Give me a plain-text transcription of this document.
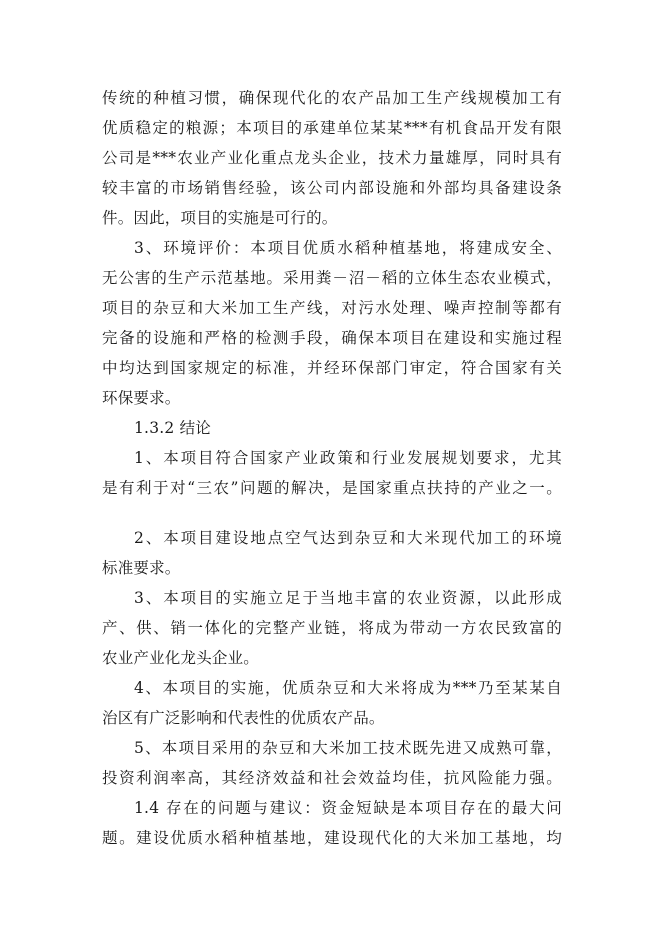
传统的种植习惯，确保现代化的农产品加工生产线规模加工有
优质稳定的粮源；本项目的承建单位某某***有机食品开发有限
公司是***农业产业化重点龙头企业，技术力量雄厚，同时具有
较丰富的市场销售经验，该公司内部设施和外部均具备建设条
件。因此，项目的实施是可行的。
3、环境评价：本项目优质水稻种植基地，将建成安全、
无公害的生产示范基地。采用粪－沼－稻的立体生态农业模式，
项目的杂豆和大米加工生产线，对污水处理、噪声控制等都有
完备的设施和严格的检测手段，确保本项目在建设和实施过程
中均达到国家规定的标准，并经环保部门审定，符合国家有关
环保要求。
1.3.2 结论
1、本项目符合国家产业政策和行业发展规划要求，尤其
是有利于对“三农”问题的解决，是国家重点扶持的产业之一。
2、本项目建设地点空气达到杂豆和大米现代加工的环境
标准要求。
3、本项目的实施立足于当地丰富的农业资源，以此形成
产、供、销一体化的完整产业链，将成为带动一方农民致富的
农业产业化龙头企业。
4、本项目的实施，优质杂豆和大米将成为***乃至某某自
治区有广泛影响和代表性的优质农产品。
5、本项目采用的杂豆和大米加工技术既先进又成熟可靠，
投资利润率高，其经济效益和社会效益均佳，抗风险能力强。
1.4 存在的问题与建议：资金短缺是本项目存在的最大问
题。建设优质水稻种植基地，建设现代化的大米加工基地，均
